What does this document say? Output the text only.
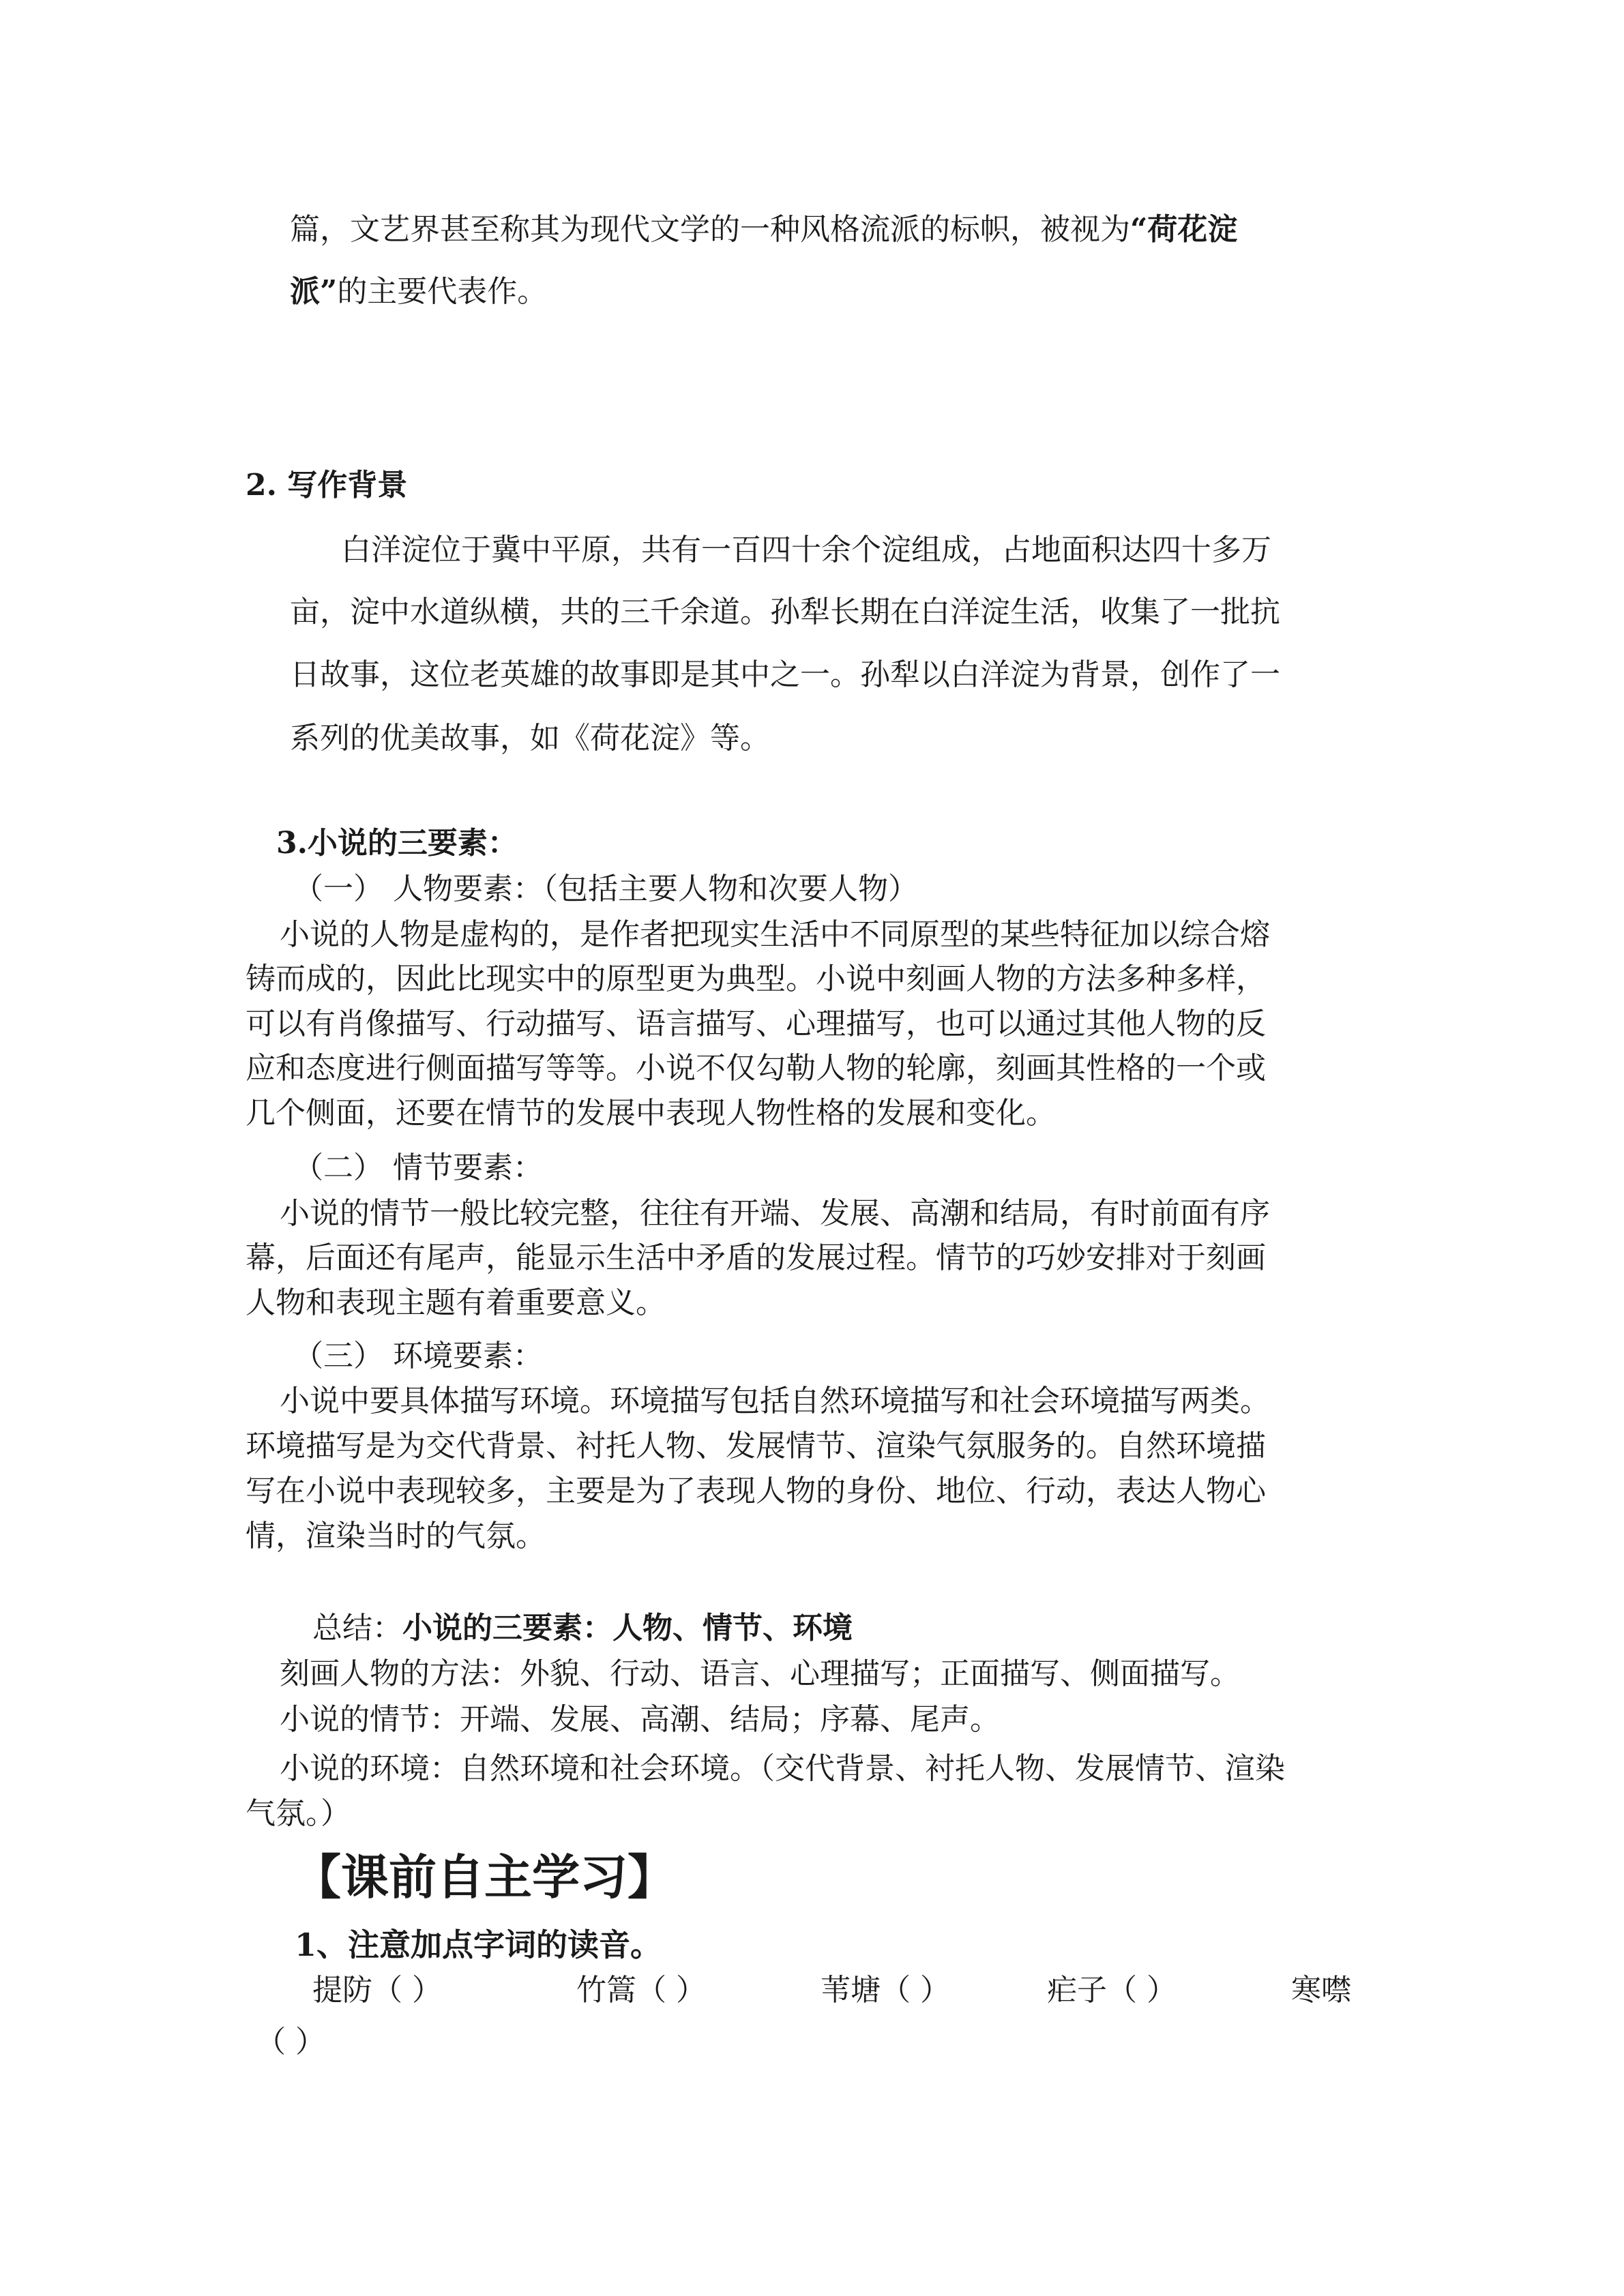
篇，文艺界甚至称其为现代文学的一种风格流派的标帜，被视为“荷花淀
派”的主要代表作。
2. 写作背景
白洋淀位于冀中平原，共有一百四十余个淀组成，占地面积达四十多万
亩，淀中水道纵横，共的三千余道。孙犁长期在白洋淀生活，收集了一批抗
日故事，这位老英雄的故事即是其中之一。孙犁以白洋淀为背景，创作了一
系列的优美故事，如《荷花淀》等。
3.小说的三要素：
（一） 人物要素：（包括主要人物和次要人物）
小说的人物是虚构的，是作者把现实生活中不同原型的某些特征加以综合熔
铸而成的，因此比现实中的原型更为典型。小说中刻画人物的方法多种多样，
可以有肖像描写、行动描写、语言描写、心理描写，也可以通过其他人物的反
应和态度进行侧面描写等等。小说不仅勾勒人物的轮廓，刻画其性格的一个或
几个侧面，还要在情节的发展中表现人物性格的发展和变化。
（二） 情节要素：
小说的情节一般比较完整，往往有开端、发展、高潮和结局，有时前面有序
幕，后面还有尾声，能显示生活中矛盾的发展过程。情节的巧妙安排对于刻画
人物和表现主题有着重要意义。
（三） 环境要素：
小说中要具体描写环境。环境描写包括自然环境描写和社会环境描写两类。
环境描写是为交代背景、衬托人物、发展情节、渲染气氛服务的。自然环境描
写在小说中表现较多，主要是为了表现人物的身份、地位、行动，表达人物心
情，渲染当时的气氛。
总结：小说的三要素：人物、情节、环境
刻画人物的方法：外貌、行动、语言、心理描写；正面描写、侧面描写。
小说的情节：开端、发展、高潮、结局；序幕、尾声。
小说的环境：自然环境和社会环境。（交代背景、衬托人物、发展情节、渲染
气氛。）
【课前自主学习】
1、注意加点字词的读音。
提防（ ）	竹篙（ ）	苇塘（ ）	疟子（ ）	寒噤
（ ）
